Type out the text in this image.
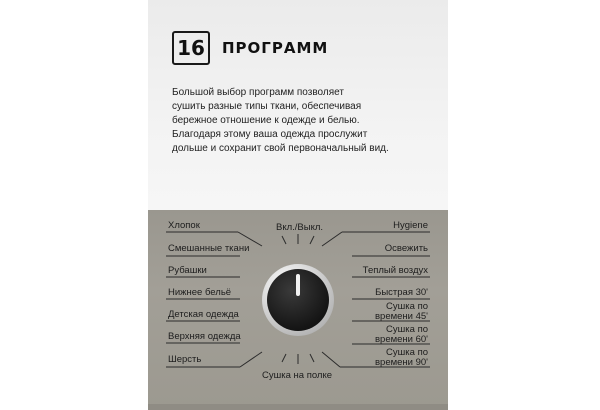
16	ПРОГРАММ
Большой выбор программ позволяет
сушить разные типы ткани, обеспечивая
бережное отношение к одежде и белью.
Благодаря этому ваша одежда прослужит
дольше и сохранит свой первоначальный вид.
Вкл./Выкл.
Сушка на полке
Хлопок
Смешанные ткани
Рубашки
Нижнее бельё
Детская одежда
Верхняя одежда
Шерсть
Hygiene
Освежить
Теплый воздух
Быстрая 30'
Сушка по
времени 45'
Сушка по
времени 60'
Сушка по
времени 90'
